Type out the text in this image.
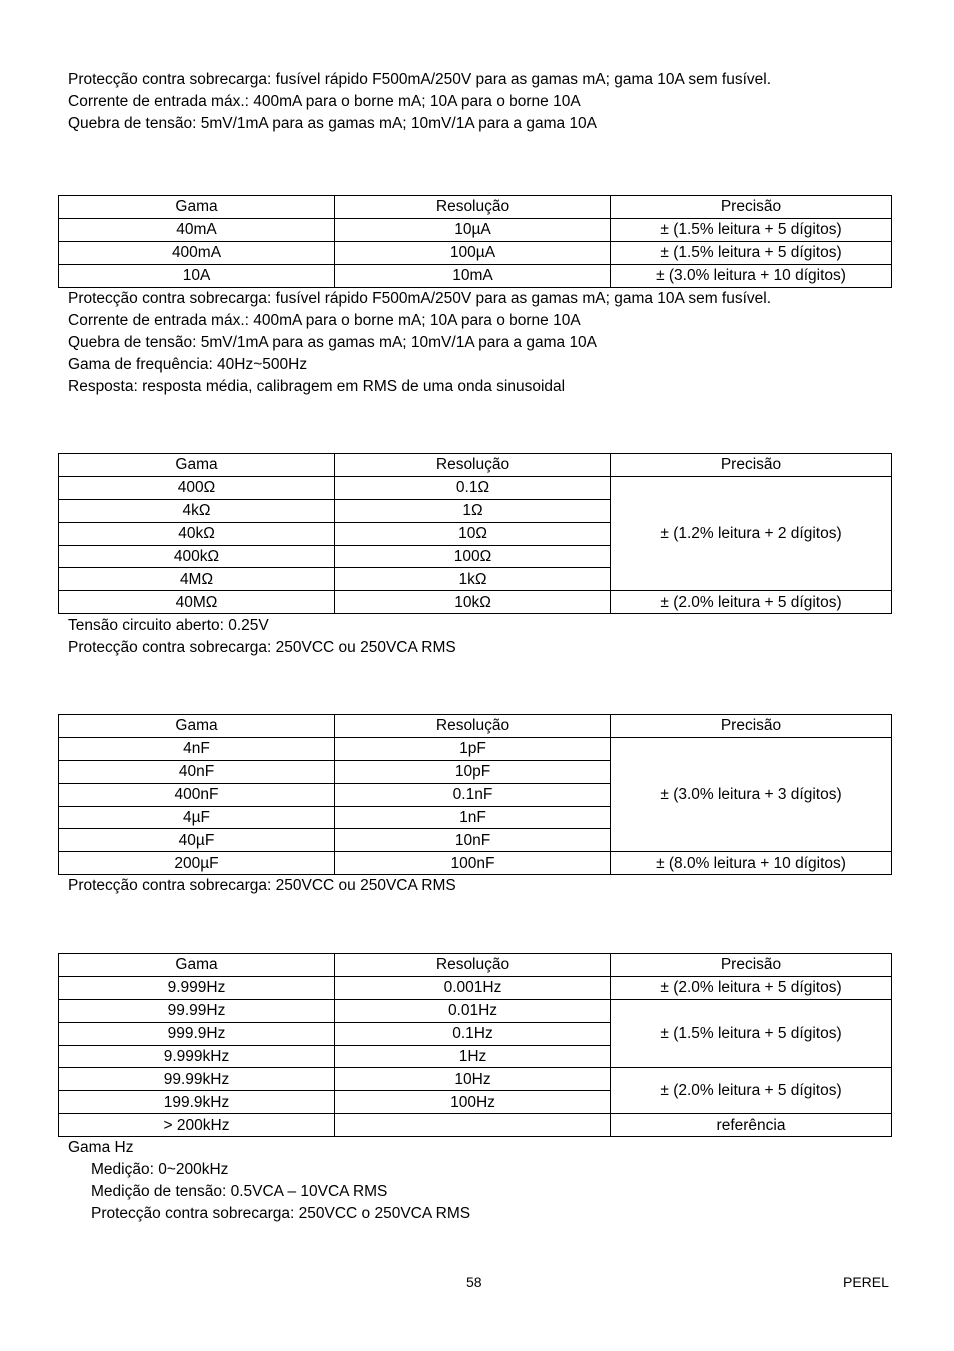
Protecção contra sobrecarga: fusível rápido F500mA/250V para as gamas mA; gama 10A sem fusível.
Corrente de entrada máx.: 400mA para o borne mA; 10A para o borne 10A
Quebra de tensão: 5mV/1mA para as gamas mA; 10mV/1A para a gama 10A
Gama	Resolução	Precisão
40mA	10µA	± (1.5% leitura + 5 dígitos)
400mA	100µA	± (1.5% leitura + 5 dígitos)
10A	10mA	± (3.0% leitura + 10 dígitos)
Protecção contra sobrecarga: fusível rápido F500mA/250V para as gamas mA; gama 10A sem fusível.
Corrente de entrada máx.: 400mA para o borne mA; 10A para o borne 10A
Quebra de tensão: 5mV/1mA para as gamas mA; 10mV/1A para a gama 10A
Gama de frequência: 40Hz~500Hz
Resposta: resposta média, calibragem em RMS de uma onda sinusoidal
Gama	Resolução	Precisão
400Ω	0.1Ω	± (1.2% leitura + 2 dígitos)
4kΩ	1Ω	
40kΩ	10Ω	
400kΩ	100Ω	
4MΩ	1kΩ	
40MΩ	10kΩ	± (2.0% leitura + 5 dígitos)
Tensão circuito aberto: 0.25V
Protecção contra sobrecarga: 250VCC ou 250VCA RMS
Gama	Resolução	Precisão
4nF	1pF	± (3.0% leitura + 3 dígitos)
40nF	10pF	
400nF	0.1nF	
4µF	1nF	
40µF	10nF	
200µF	100nF	± (8.0% leitura + 10 dígitos)
Protecção contra sobrecarga: 250VCC ou 250VCA RMS
Gama	Resolução	Precisão
9.999Hz	0.001Hz	± (2.0% leitura + 5 dígitos)
99.99Hz	0.01Hz	± (1.5% leitura + 5 dígitos)
999.9Hz	0.1Hz	
9.999kHz	1Hz	
99.99kHz	10Hz	± (2.0% leitura + 5 dígitos)
199.9kHz	100Hz	
> 200kHz		referência
Gama Hz
Medição: 0~200kHz
Medição de tensão: 0.5VCA – 10VCA RMS
Protecção contra sobrecarga: 250VCC o 250VCA RMS
58	PEREL
